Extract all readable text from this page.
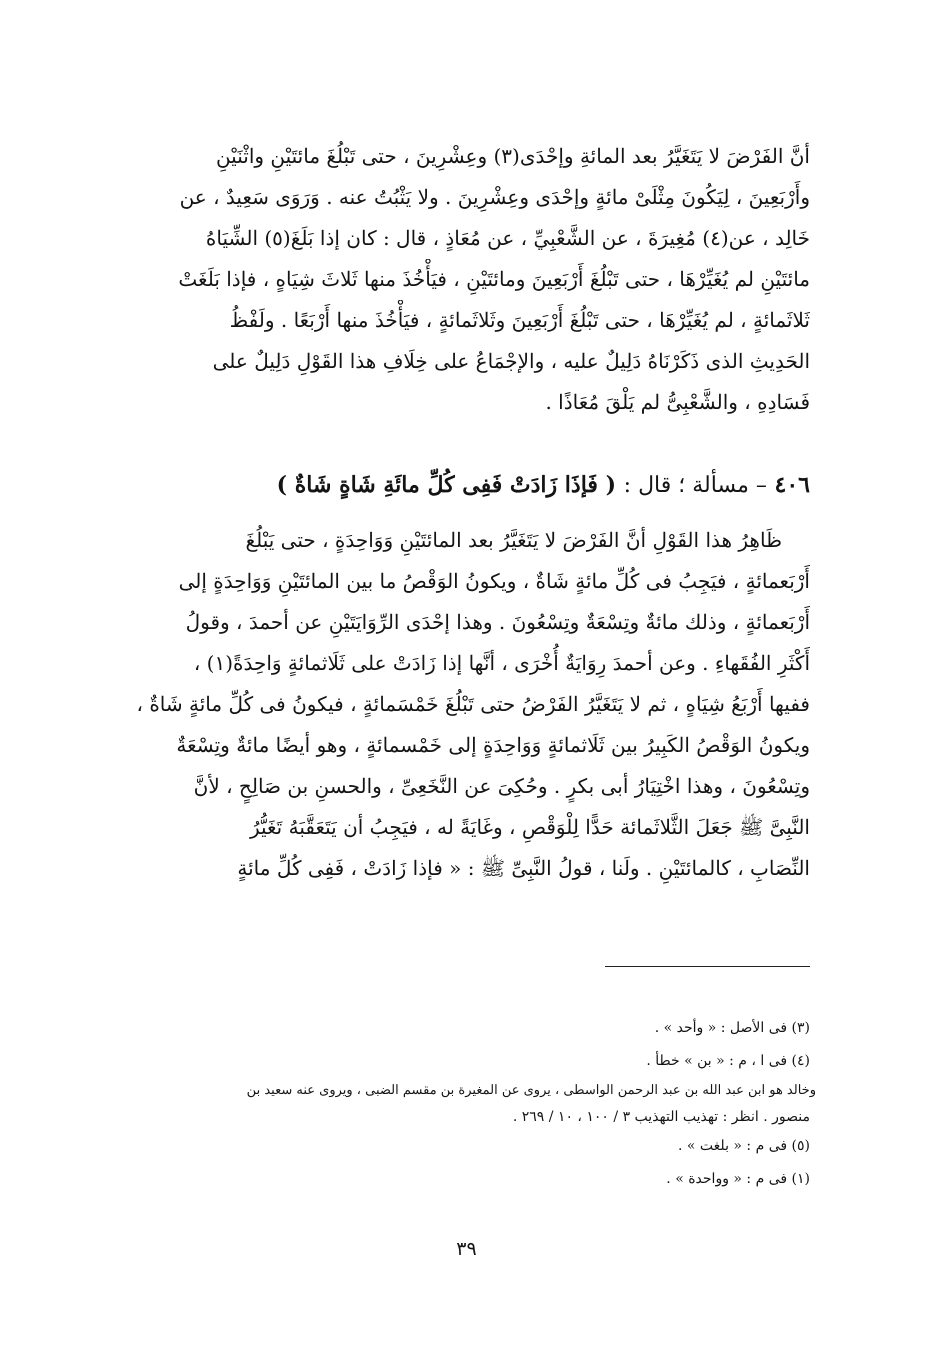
أنَّ الفَرْضَ لا يَتَغَيَّرُ بعد المائةِ وإحْدَى(٣) وعِشْرِينَ ، حتى تَبْلُغَ مائتَيْنِ واثْنَيْنِ
وأَرْبَعِينَ ، لِيَكُونَ مِثْلَىْ مائةٍ وإحْدَى وعِشْرِينَ . ولا يَثْبُتُ عنه . وَرَوَى سَعِيدٌ ، عن
خَالِد ، عن(٤) مُغِيرَةَ ، عن الشَّعْبِيِّ ، عن مُعَاذٍ ، قال : كان إذا بَلَغَ(٥) الشِّيَاهُ
مائتَيْنِ لم يُغَيِّرْهَا ، حتى تَبْلُغَ أَرْبَعِينَ ومائتَيْنِ ، فيَأْخُذَ منها ثَلاثَ شِيَاهٍ ، فإذا بَلَغَتْ
ثَلاثَمائةٍ ، لم يُغَيِّرْهَا ، حتى تَبْلُغَ أَرْبَعِينَ وثَلاثَمائةٍ ، فيَأْخُذَ منها أَرْبَعًا . ولَفْظُ
الحَدِيثِ الذى ذَكَرْنَاهُ دَلِيلٌ عليه ، والإجْمَاعُ على خِلَافِ هذا القَوْلِ دَلِيلٌ على
فَسَادِهِ ، والشَّعْبِىُّ لم يَلْقَ مُعَاذًا .
٤٠٦ – مسألة ؛ قال : ( فَإذَا زَادَتْ فَفِى كُلِّ مائَةِ شَاةٍ شَاةٌ )
ظَاهِرُ هذا القَوْلِ أنَّ الفَرْضَ لا يَتَغَيَّرُ بعد المائتَيْنِ وَوَاحِدَةٍ ، حتى يَبْلُغَ
أَرْبَعمائةٍ ، فيَجِبُ فى كُلِّ مائةٍ شَاةٌ ، ويكونُ الوَقْصُ ما بين المائتَيْنِ وَوَاحِدَةٍ إلى
أَرْبَعمائةٍ ، وذلك مائةٌ وتِسْعَةٌ وتِسْعُونَ . وهذا إحْدَى الرِّوَايَتَيْنِ عن أحمدَ ، وقولُ
أَكْثَرِ الفُقَهاءِ . وعن أحمدَ رِوَايَةٌ أُخْرَى ، أنَّها إذا زَادَتْ على ثَلَاثمائةٍ وَاحِدَةً(١) ،
ففيها أَرْبَعُ شِيَاهٍ ، ثم لا يَتَغَيَّرُ الفَرْضُ حتى تَبْلُغَ خَمْسَمائةٍ ، فيكونُ فى كُلِّ مائةٍ شَاةٌ ،
ويكونُ الوَقْصُ الكَبِيرُ بين ثَلَاثمائةٍ وَوَاحِدَةٍ إلى خَمْسمائةٍ ، وهو أيضًا مائةٌ وتِسْعَةٌ
وتِسْعُونَ ، وهذا اخْتِيَارُ أبى بكرٍ . وحُكِىَ عن النَّخَعِىِّ ، والحسنِ بن صَالِحٍ ، لأنَّ
النَّبِىَّ ﷺ جَعَلَ الثَّلاثَمائة حَدًّا لِلْوَقْصِ ، وغَايَةً له ، فيَجِبُ أن يَتَعَقَّبَهُ تَغَيُّرُ
النِّصَابِ ، كالمائتَيْنِ . ولَنا ، قولُ النَّبِىِّ ﷺ : « فإذا زَادَتْ ، فَفِى كُلِّ مائةٍ
(٣) فى الأصل : « وأحد » .
(٤) فى ا ، م : « بن » خطأ .
وخالد هو ابن عبد الله بن عبد الرحمن الواسطى ، يروى عن المغيرة بن مقسم الضبى ، ويروى عنه سعيد بن
منصور . انظر : تهذيب التهذيب ٣ / ١٠٠ ، ١٠ / ٢٦٩ .
(٥) فى م : « بلغت » .
(١) فى م : « وواحدة » .
٣٩
